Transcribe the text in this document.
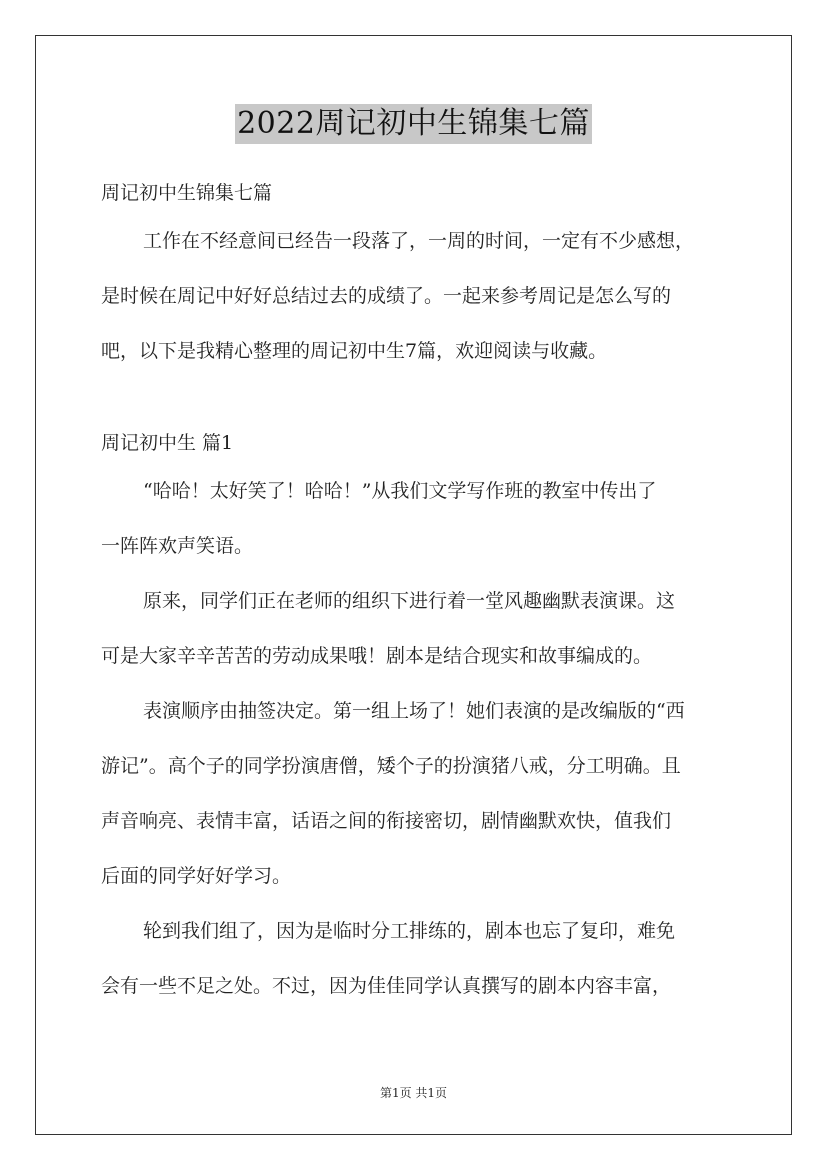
2022周记初中生锦集七篇
周记初中生锦集七篇
工作在不经意间已经告一段落了，一周的时间，一定有不少感想，
是时候在周记中好好总结过去的成绩了。一起来参考周记是怎么写的
吧，以下是我精心整理的周记初中生7篇，欢迎阅读与收藏。
周记初中生 篇1
“哈哈！太好笑了！哈哈！”从我们文学写作班的教室中传出了
一阵阵欢声笑语。
原来，同学们正在老师的组织下进行着一堂风趣幽默表演课。这
可是大家辛辛苦苦的劳动成果哦！剧本是结合现实和故事编成的。
表演顺序由抽签决定。第一组上场了！她们表演的是改编版的“西
游记”。高个子的同学扮演唐僧，矮个子的扮演猪八戒，分工明确。且
声音响亮、表情丰富，话语之间的衔接密切，剧情幽默欢快，值我们
后面的同学好好学习。
轮到我们组了，因为是临时分工排练的，剧本也忘了复印，难免
会有一些不足之处。不过，因为佳佳同学认真撰写的剧本内容丰富，
第1页 共1页
